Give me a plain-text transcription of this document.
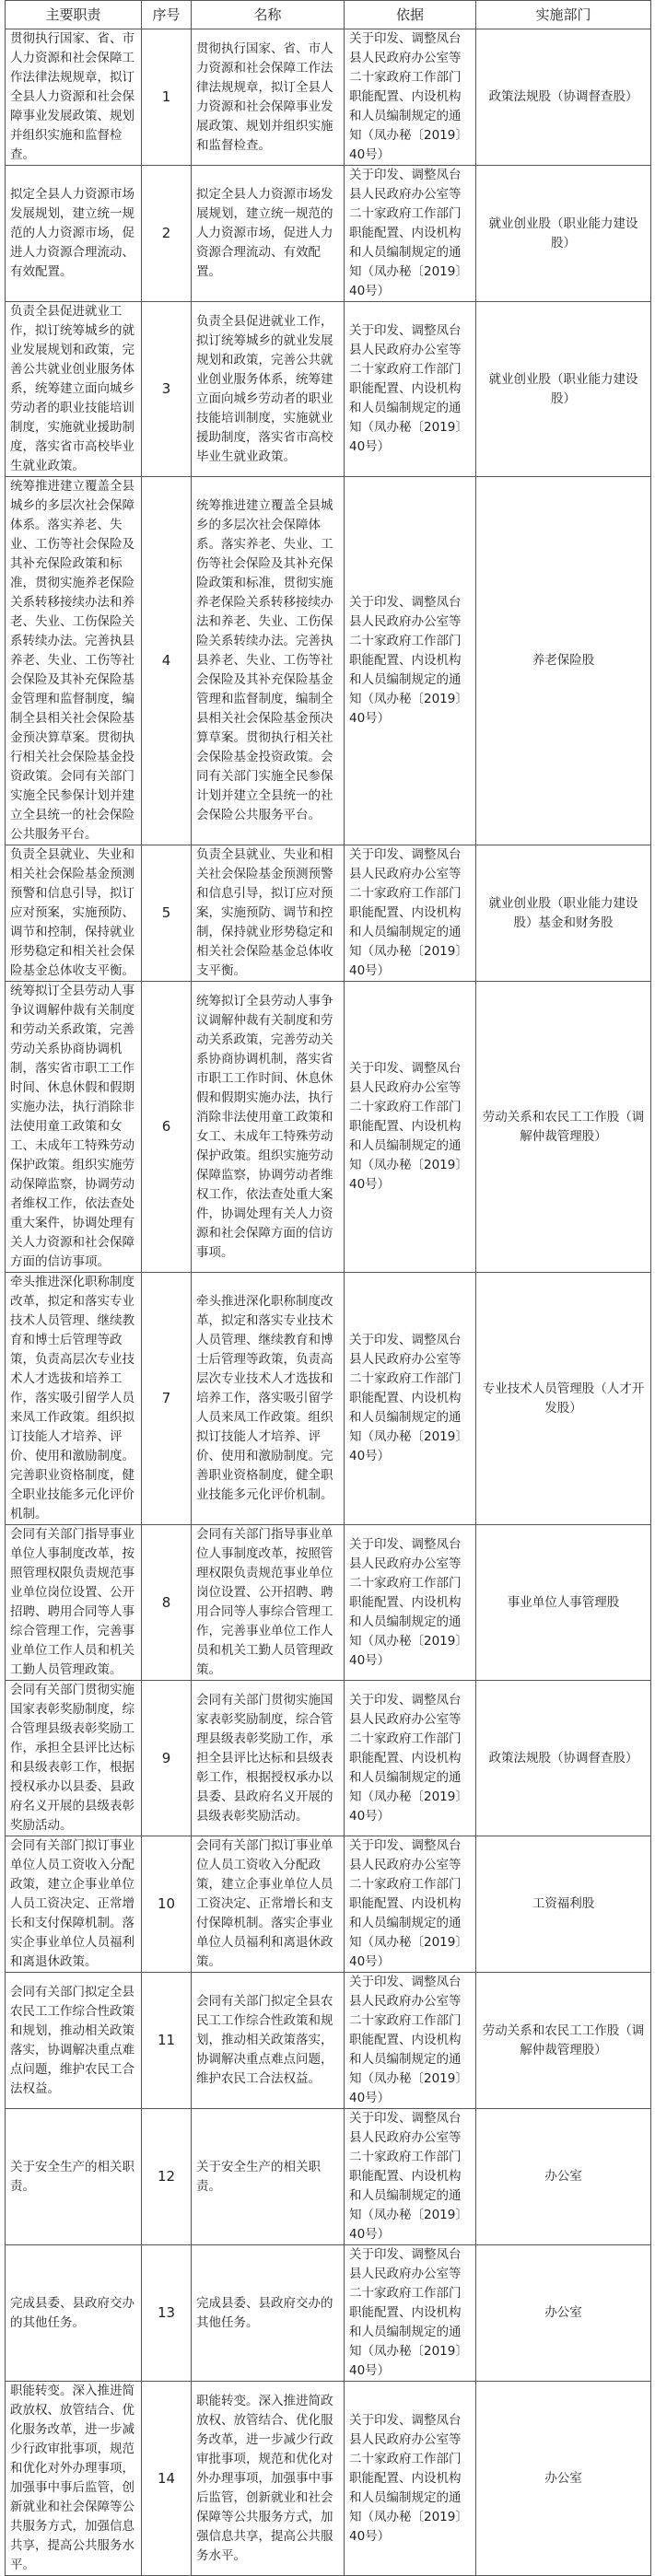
主要职责	序号	名称	依据	实施部门
贯彻执行国家、省、市人力资源和社会保障工作法律法规规章，拟订全县人力资源和社会保障事业发展政策、规划并组织实施和监督检查。	1	贯彻执行国家、省、市人力资源和社会保障工作法律法规规章，拟订全县人力资源和社会保障事业发展政策、规划并组织实施和监督检查。	关于印发、调整凤台县人民政府办公室等二十家政府工作部门职能配置、内设机构和人员编制规定的通知（凤办秘〔2019〕40号）	政策法规股（协调督查股）
拟定全县人力资源市场发展规划，建立统一规范的人力资源市场，促进人力资源合理流动、有效配置。	2	拟定全县人力资源市场发展规划，建立统一规范的人力资源市场，促进人力资源合理流动、有效配置。	关于印发、调整凤台县人民政府办公室等二十家政府工作部门职能配置、内设机构和人员编制规定的通知（凤办秘〔2019〕40号）	就业创业股（职业能力建设股）
负责全县促进就业工作，拟订统筹城乡的就业发展规划和政策，完善公共就业创业服务体系，统筹建立面向城乡劳动者的职业技能培训制度，实施就业援助制度，落实省市高校毕业生就业政策。	3	负责全县促进就业工作，拟订统筹城乡的就业发展规划和政策，完善公共就业创业服务体系，统筹建立面向城乡劳动者的职业技能培训制度，实施就业援助制度，落实省市高校毕业生就业政策。	关于印发、调整凤台县人民政府办公室等二十家政府工作部门职能配置、内设机构和人员编制规定的通知（凤办秘〔2019〕40号）	就业创业股（职业能力建设股）
统筹推进建立覆盖全县城乡的多层次社会保障体系。落实养老、失业、工伤等社会保险及其补充保险政策和标准，贯彻实施养老保险关系转移接续办法和养老、失业、工伤保险关系转续办法。完善执县养老、失业、工伤等社会保险及其补充保险基金管理和监督制度，编制全县相关社会保险基金预决算草案。贯彻执行相关社会保险基金投资政策。会同有关部门实施全民参保计划并建立全县统一的社会保险公共服务平台。	4	统筹推进建立覆盖全县城乡的多层次社会保障体系。落实养老、失业、工伤等社会保险及其补充保险政策和标准，贯彻实施养老保险关系转移接续办法和养老、失业、工伤保险关系转续办法。完善执县养老、失业、工伤等社会保险及其补充保险基金管理和监督制度，编制全县相关社会保险基金预决算草案。贯彻执行相关社会保险基金投资政策。会同有关部门实施全民参保计划并建立全县统一的社会保险公共服务平台。	关于印发、调整凤台县人民政府办公室等二十家政府工作部门职能配置、内设机构和人员编制规定的通知（凤办秘〔2019〕40号）	养老保险股
负责全县就业、失业和相关社会保险基金预测预警和信息引导，拟订应对预案，实施预防、调节和控制，保持就业形势稳定和相关社会保险基金总体收支平衡。	5	负责全县就业、失业和相关社会保险基金预测预警和信息引导，拟订应对预案，实施预防、调节和控制，保持就业形势稳定和相关社会保险基金总体收支平衡。	关于印发、调整凤台县人民政府办公室等二十家政府工作部门职能配置、内设机构和人员编制规定的通知（凤办秘〔2019〕40号）	就业创业股（职业能力建设股）基金和财务股
统筹拟订全县劳动人事争议调解仲裁有关制度和劳动关系政策，完善劳动关系协商协调机制，落实省市职工工作时间、休息休假和假期实施办法，执行消除非法使用童工政策和女工、未成年工特殊劳动保护政策。组织实施劳动保障监察，协调劳动者维权工作，依法查处重大案件，协调处理有关人力资源和社会保障方面的信访事项。	6	统筹拟订全县劳动人事争议调解仲裁有关制度和劳动关系政策，完善劳动关系协商协调机制，落实省市职工工作时间、休息休假和假期实施办法，执行消除非法使用童工政策和女工、未成年工特殊劳动保护政策。组织实施劳动保障监察，协调劳动者维权工作，依法查处重大案件，协调处理有关人力资源和社会保障方面的信访事项。	关于印发、调整凤台县人民政府办公室等二十家政府工作部门职能配置、内设机构和人员编制规定的通知（凤办秘〔2019〕40号）	劳动关系和农民工工作股（调解仲裁管理股）
牵头推进深化职称制度改革，拟定和落实专业技术人员管理、继续教育和博士后管理等政策，负责高层次专业技术人才选拔和培养工作，落实吸引留学人员来凤工作政策。组织拟订技能人才培养、评价、使用和激励制度。完善职业资格制度，健全职业技能多元化评价机制。	7	牵头推进深化职称制度改革，拟定和落实专业技术人员管理、继续教育和博士后管理等政策，负责高层次专业技术人才选拔和培养工作，落实吸引留学人员来凤工作政策。组织拟订技能人才培养、评价、使用和激励制度。完善职业资格制度，健全职业技能多元化评价机制。	关于印发、调整凤台县人民政府办公室等二十家政府工作部门职能配置、内设机构和人员编制规定的通知（凤办秘〔2019〕40号）	专业技术人员管理股（人才开发股）
会同有关部门指导事业单位人事制度改革，按照管理权限负责规范事业单位岗位设置、公开招聘、聘用合同等人事综合管理工作，完善事业单位工作人员和机关工勤人员管理政策。	8	会同有关部门指导事业单位人事制度改革，按照管理权限负责规范事业单位岗位设置、公开招聘、聘用合同等人事综合管理工作，完善事业单位工作人员和机关工勤人员管理政策。	关于印发、调整凤台县人民政府办公室等二十家政府工作部门职能配置、内设机构和人员编制规定的通知（凤办秘〔2019〕40号）	事业单位人事管理股
会同有关部门贯彻实施国家表彰奖励制度，综合管理县级表彰奖励工作，承担全县评比达标和县级表彰工作，根据授权承办以县委、县政府名义开展的县级表彰奖励活动。	9	会同有关部门贯彻实施国家表彰奖励制度，综合管理县级表彰奖励工作，承担全县评比达标和县级表彰工作，根据授权承办以县委、县政府名义开展的县级表彰奖励活动。	关于印发、调整凤台县人民政府办公室等二十家政府工作部门职能配置、内设机构和人员编制规定的通知（凤办秘〔2019〕40号）	政策法规股（协调督查股）
会同有关部门拟订事业单位人员工资收入分配政策，建立企事业单位人员工资决定、正常增长和支付保障机制。落实企事业单位人员福利和离退休政策。	10	会同有关部门拟订事业单位人员工资收入分配政策，建立企事业单位人员工资决定、正常增长和支付保障机制。落实企事业单位人员福利和离退休政策。	关于印发、调整凤台县人民政府办公室等二十家政府工作部门职能配置、内设机构和人员编制规定的通知（凤办秘〔2019〕40号）	工资福利股
会同有关部门拟定全县农民工工作综合性政策和规划，推动相关政策落实，协调解决重点难点问题，维护农民工合法权益。	11	会同有关部门拟定全县农民工工作综合性政策和规划，推动相关政策落实，协调解决重点难点问题，维护农民工合法权益。	关于印发、调整凤台县人民政府办公室等二十家政府工作部门职能配置、内设机构和人员编制规定的通知（凤办秘〔2019〕40号）	劳动关系和农民工工作股（调解仲裁管理股）
关于安全生产的相关职责。	12	关于安全生产的相关职责。	关于印发、调整凤台县人民政府办公室等二十家政府工作部门职能配置、内设机构和人员编制规定的通知（凤办秘〔2019〕40号）	办公室
完成县委、县政府交办的其他任务。	13	完成县委、县政府交办的其他任务。	关于印发、调整凤台县人民政府办公室等二十家政府工作部门职能配置、内设机构和人员编制规定的通知（凤办秘〔2019〕40号）	办公室
职能转变。深入推进简政放权、放管结合、优化服务改革，进一步减少行政审批事项，规范和优化对外办理事项，加强事中事后监管，创新就业和社会保障等公共服务方式，加强信息共享，提高公共服务水平。	14	职能转变。深入推进简政放权、放管结合、优化服务改革，进一步减少行政审批事项，规范和优化对外办理事项，加强事中事后监管，创新就业和社会保障等公共服务方式，加强信息共享，提高公共服务水平。	关于印发、调整凤台县人民政府办公室等二十家政府工作部门职能配置、内设机构和人员编制规定的通知（凤办秘〔2019〕40号）	办公室
